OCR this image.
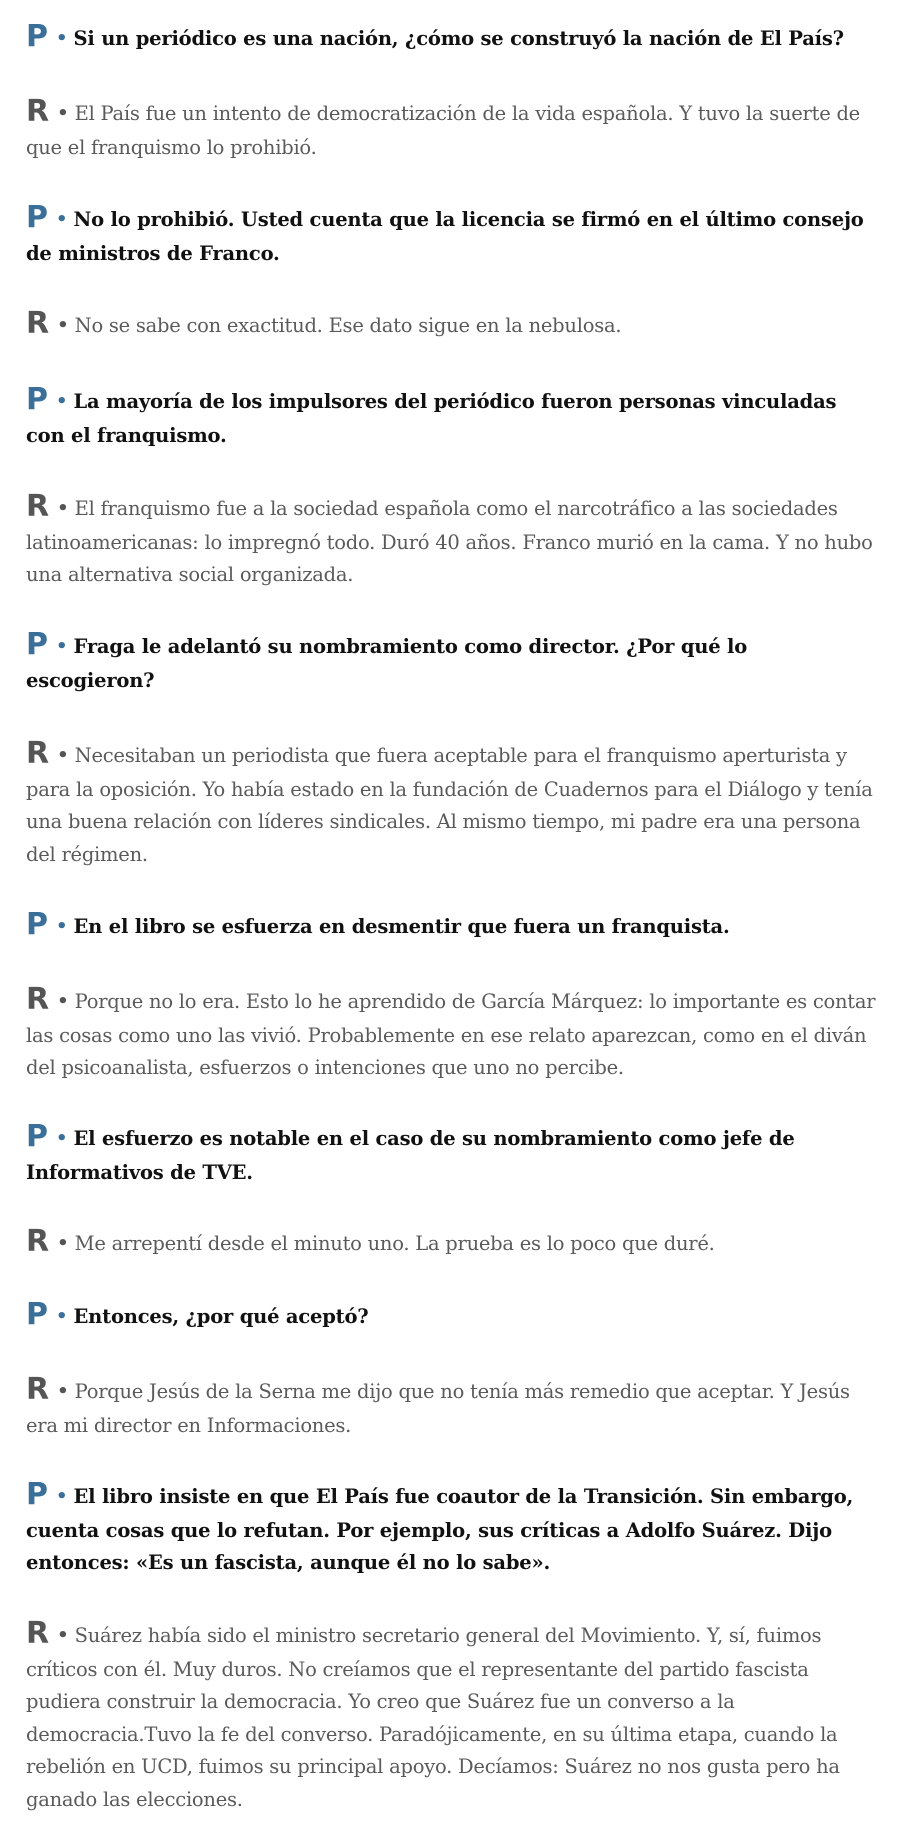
P • Si un periódico es una nación, ¿cómo se construyó la nación de El País?

R • El País fue un intento de democratización de la vida española. Y tuvo la suerte de que el franquismo lo prohibió.

P • No lo prohibió. Usted cuenta que la licencia se firmó en el último consejo de ministros de Franco.

R • No se sabe con exactitud. Ese dato sigue en la nebulosa.

P • La mayoría de los impulsores del periódico fueron personas vinculadas con el franquismo.

R • El franquismo fue a la sociedad española como el narcotráfico a las sociedades latinoamericanas: lo impregnó todo. Duró 40 años. Franco murió en la cama. Y no hubo una alternativa social organizada.

P • Fraga le adelantó su nombramiento como director. ¿Por qué lo escogieron?

R • Necesitaban un periodista que fuera aceptable para el franquismo aperturista y para la oposición. Yo había estado en la fundación de Cuadernos para el Diálogo y tenía una buena relación con líderes sindicales. Al mismo tiempo, mi padre era una persona del régimen.

P • En el libro se esfuerza en desmentir que fuera un franquista.

R • Porque no lo era. Esto lo he aprendido de García Márquez: lo importante es contar las cosas como uno las vivió. Probablemente en ese relato aparezcan, como en el diván del psicoanalista, esfuerzos o intenciones que uno no percibe.

P • El esfuerzo es notable en el caso de su nombramiento como jefe de Informativos de TVE.

R • Me arrepentí desde el minuto uno. La prueba es lo poco que duré.

P • Entonces, ¿por qué aceptó?

R • Porque Jesús de la Serna me dijo que no tenía más remedio que aceptar. Y Jesús era mi director en Informaciones.

P • El libro insiste en que El País fue coautor de la Transición. Sin embargo, cuenta cosas que lo refutan. Por ejemplo, sus críticas a Adolfo Suárez. Dijo entonces: «Es un fascista, aunque él no lo sabe».

R • Suárez había sido el ministro secretario general del Movimiento. Y, sí, fuimos críticos con él. Muy duros. No creíamos que el representante del partido fascista pudiera construir la democracia. Yo creo que Suárez fue un converso a la democracia.Tuvo la fe del converso. Paradójicamente, en su última etapa, cuando la rebelión en UCD, fuimos su principal apoyo. Decíamos: Suárez no nos gusta pero ha ganado las elecciones.
